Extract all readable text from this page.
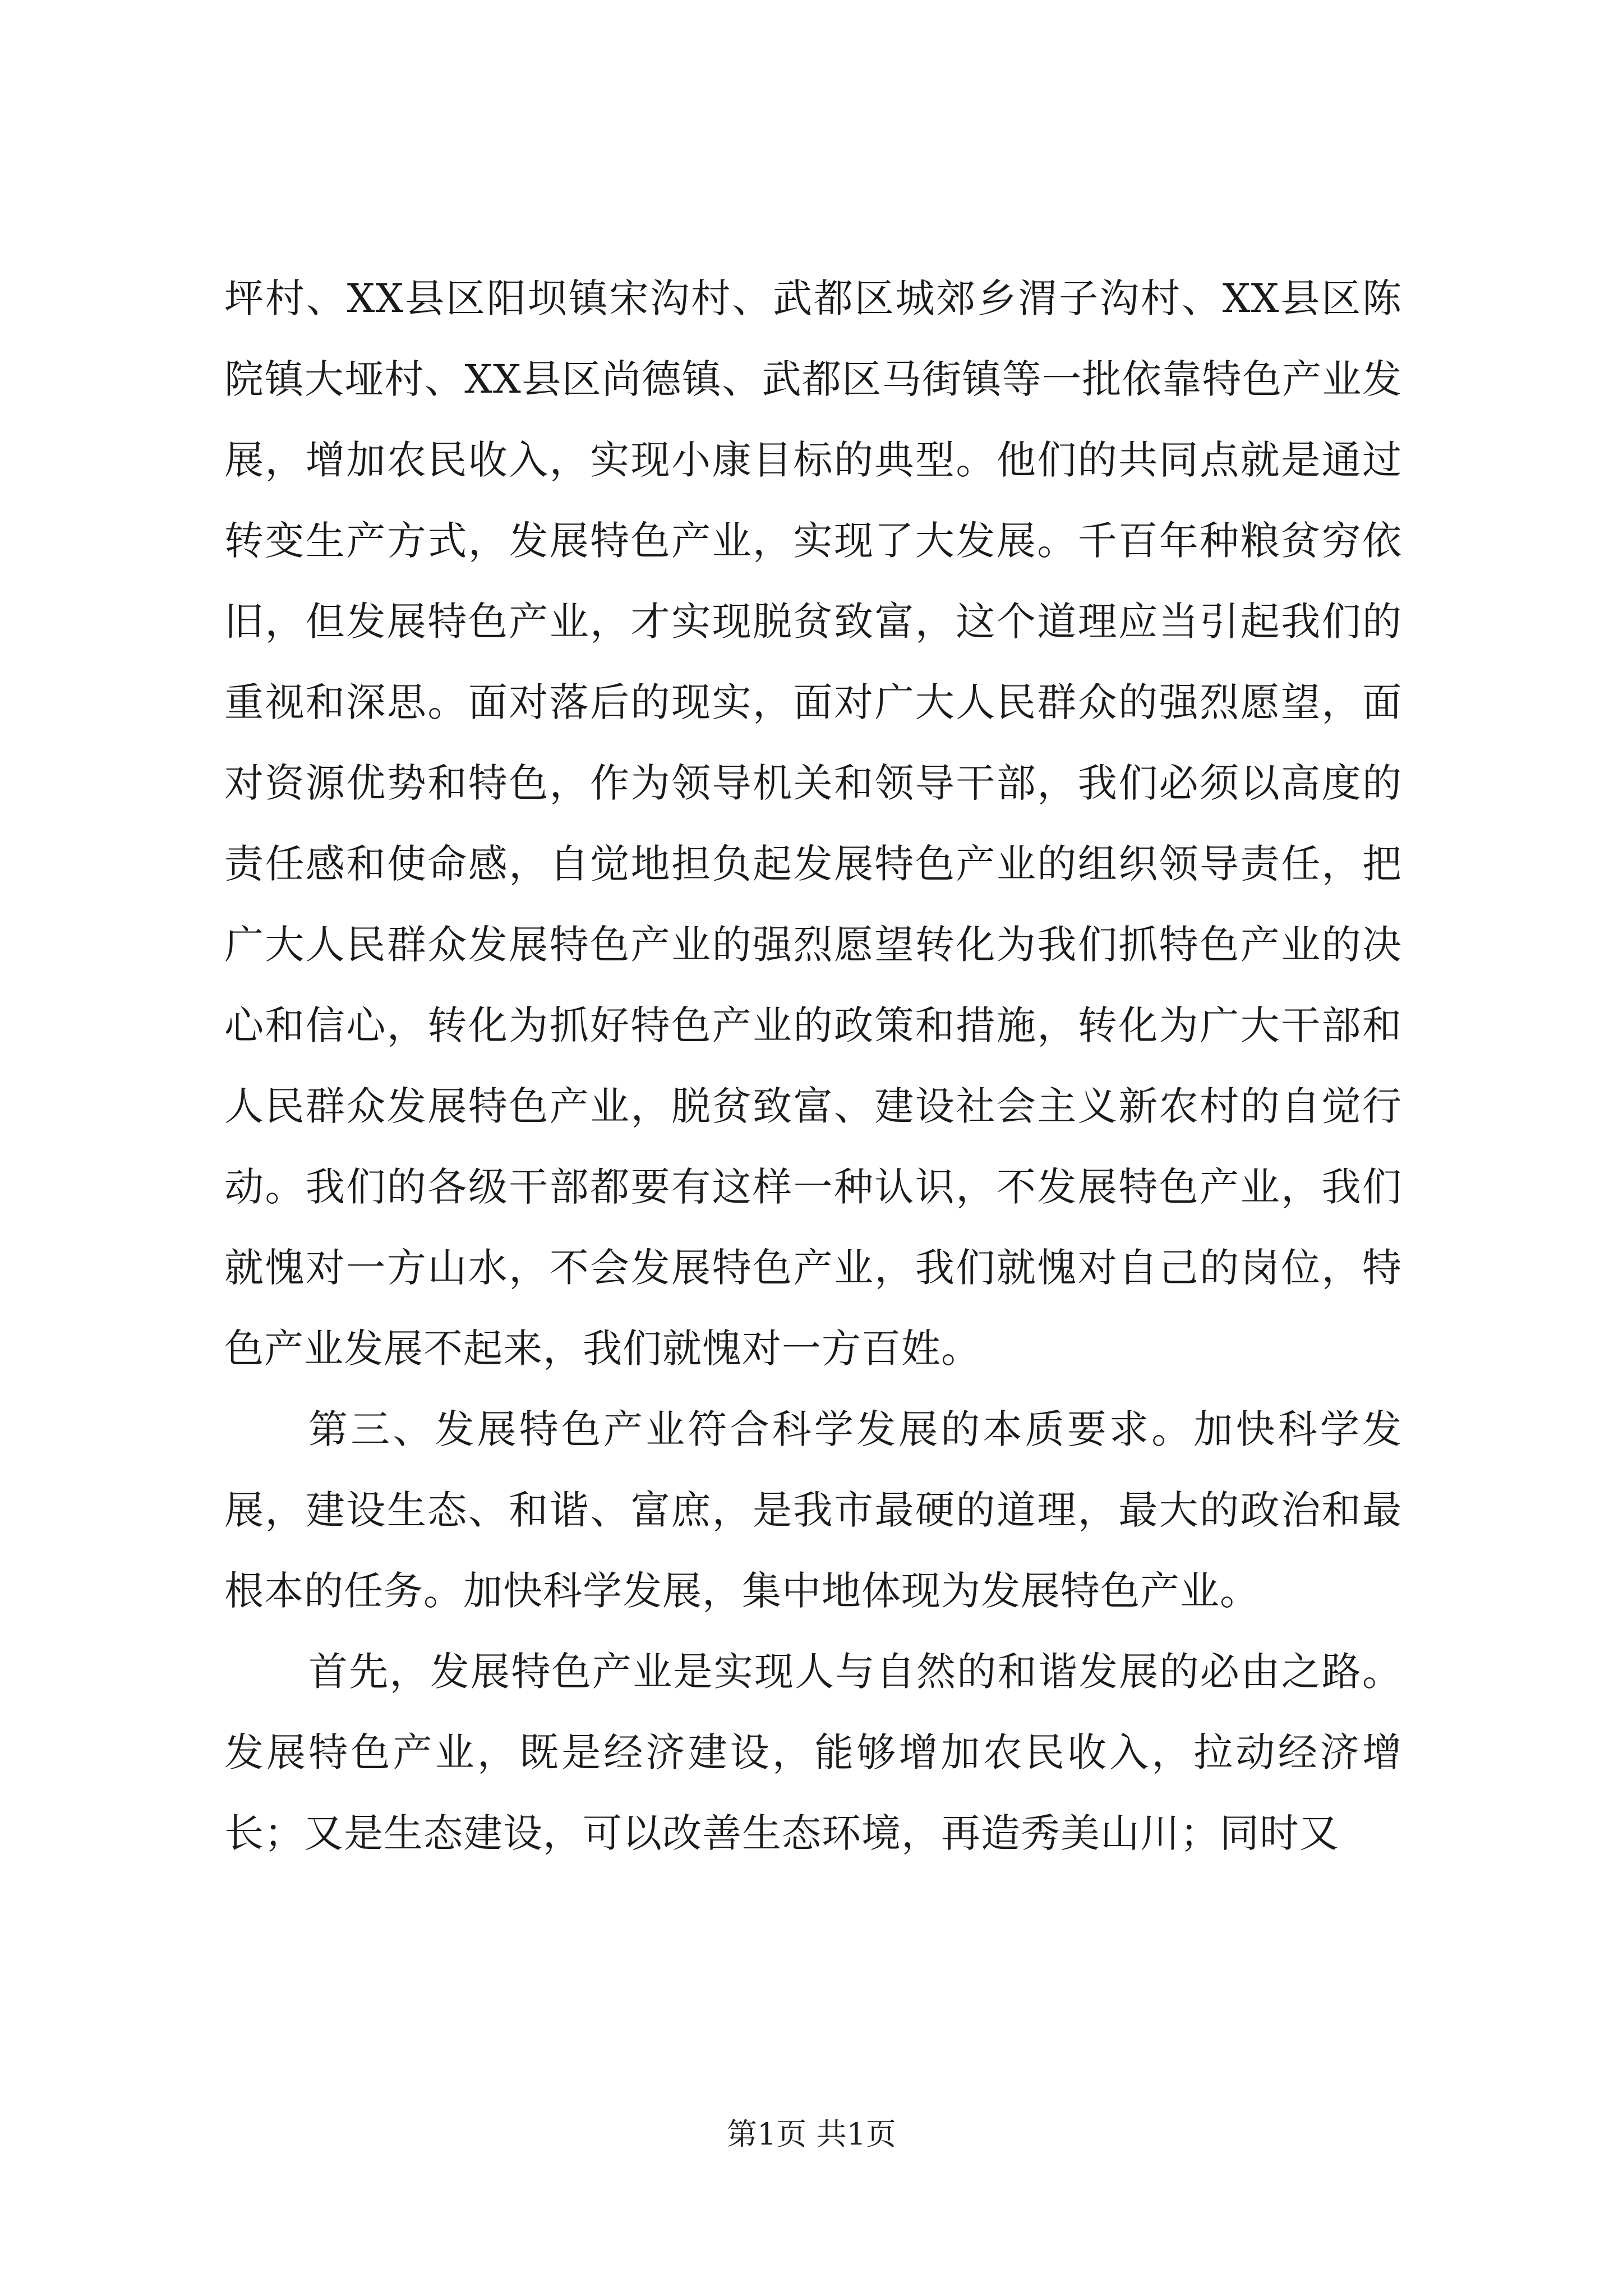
坪村、XX县区阳坝镇宋沟村、武都区城郊乡渭子沟村、XX县区陈院镇大垭村、XX县区尚德镇、武都区马街镇等一批依靠特色产业发展，增加农民收入，实现小康目标的典型。他们的共同点就是通过转变生产方式，发展特色产业，实现了大发展。千百年种粮贫穷依旧，但发展特色产业，才实现脱贫致富，这个道理应当引起我们的重视和深思。面对落后的现实，面对广大人民群众的强烈愿望，面对资源优势和特色，作为领导机关和领导干部，我们必须以高度的责任感和使命感，自觉地担负起发展特色产业的组织领导责任，把广大人民群众发展特色产业的强烈愿望转化为我们抓特色产业的决心和信心，转化为抓好特色产业的政策和措施，转化为广大干部和人民群众发展特色产业，脱贫致富、建设社会主义新农村的自觉行动。我们的各级干部都要有这样一种认识，不发展特色产业，我们就愧对一方山水，不会发展特色产业，我们就愧对自己的岗位，特色产业发展不起来，我们就愧对一方百姓。

第三、发展特色产业符合科学发展的本质要求。加快科学发展，建设生态、和谐、富庶，是我市最硬的道理，最大的政治和最根本的任务。加快科学发展，集中地体现为发展特色产业。

首先，发展特色产业是实现人与自然的和谐发展的必由之路。发展特色产业，既是经济建设，能够增加农民收入，拉动经济增长；又是生态建设，可以改善生态环境，再造秀美山川；同时又

第1页 共1页
